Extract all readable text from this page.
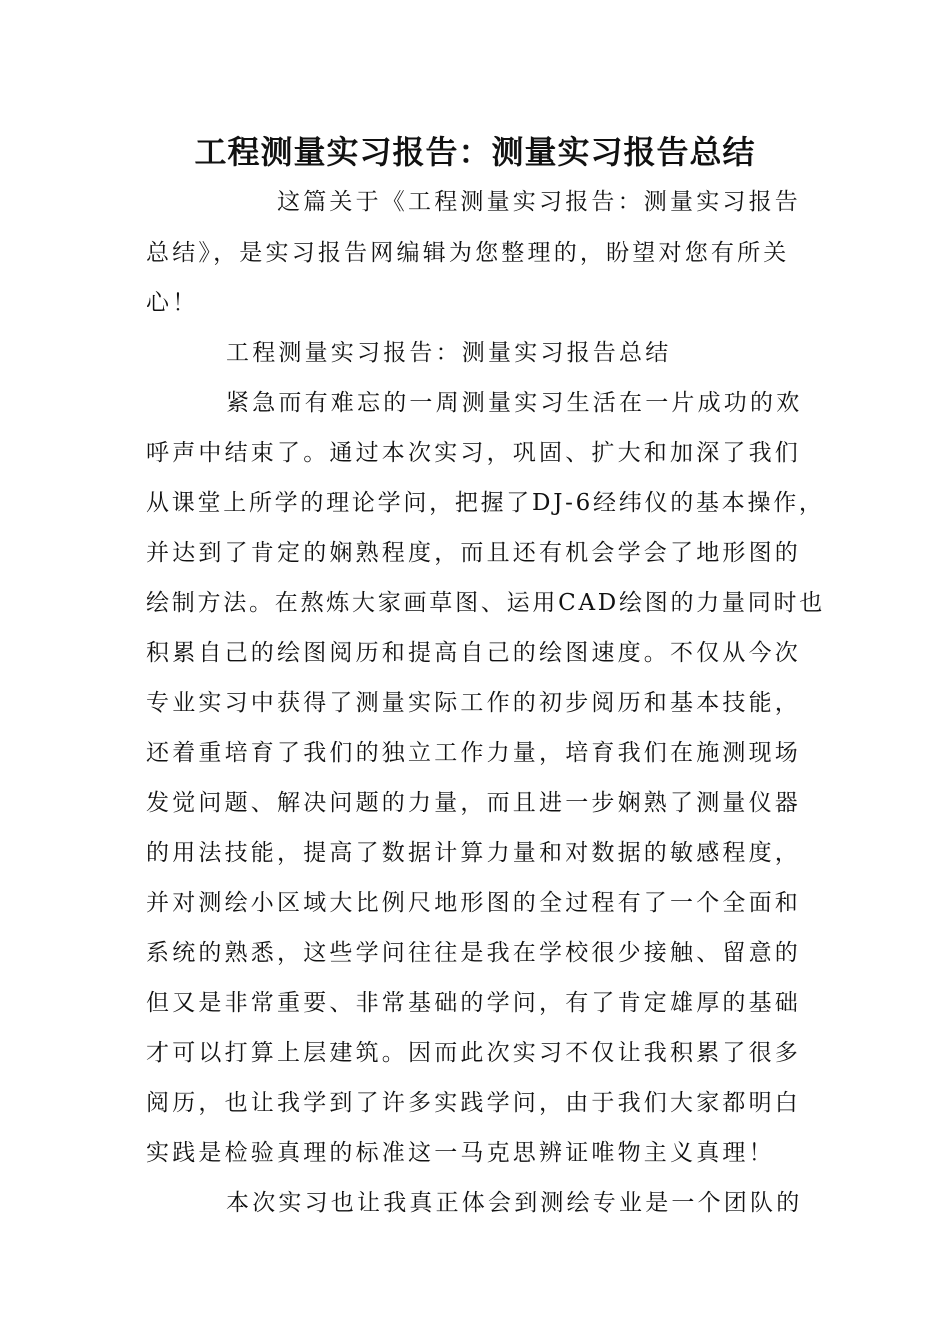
工程测量实习报告：测量实习报告总结
这篇关于《工程测量实习报告：测量实习报告
总结》，是实习报告网编辑为您整理的，盼望对您有所关
心！
工程测量实习报告：测量实习报告总结
紧急而有难忘的一周测量实习生活在一片成功的欢
呼声中结束了。通过本次实习，巩固、扩大和加深了我们
从课堂上所学的理论学问，把握了DJ-6经纬仪的基本操作，
并达到了肯定的娴熟程度，而且还有机会学会了地形图的
绘制方法。在熬炼大家画草图、运用CAD绘图的力量同时也
积累自己的绘图阅历和提高自己的绘图速度。不仅从今次
专业实习中获得了测量实际工作的初步阅历和基本技能，
还着重培育了我们的独立工作力量，培育我们在施测现场
发觉问题、解决问题的力量，而且进一步娴熟了测量仪器
的用法技能，提高了数据计算力量和对数据的敏感程度，
并对测绘小区域大比例尺地形图的全过程有了一个全面和
系统的熟悉，这些学问往往是我在学校很少接触、留意的
但又是非常重要、非常基础的学问，有了肯定雄厚的基础
才可以打算上层建筑。因而此次实习不仅让我积累了很多
阅历，也让我学到了许多实践学问，由于我们大家都明白
实践是检验真理的标准这一马克思辨证唯物主义真理！
本次实习也让我真正体会到测绘专业是一个团队的
